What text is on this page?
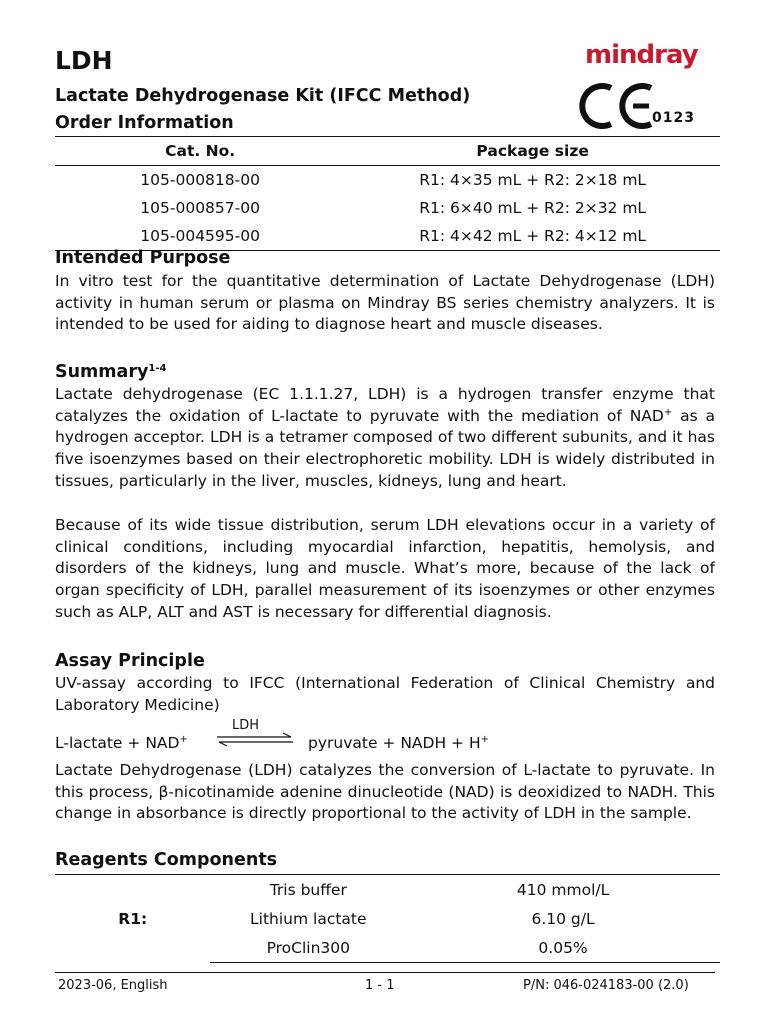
LDH
Lactate Dehydrogenase Kit (IFCC Method)
Order Information
mindray
0123
Cat. No.	Package size
105-000818-00	R1: 4×35 mL + R2: 2×18 mL
105-000857-00	R1: 6×40 mL + R2: 2×32 mL
105-004595-00	R1: 4×42 mL + R2: 4×12 mL
Intended Purpose

In vitro test for the quantitative determination of Lactate Dehydrogenase (LDH) activity in human serum or plasma on Mindray BS series chemistry analyzers. It is intended to be used for aiding to diagnose heart and muscle diseases.

Summary$^{1-4}$

Lactate dehydrogenase (EC 1.1.1.27, LDH) is a hydrogen transfer enzyme that catalyzes the oxidation of L-lactate to pyruvate with the mediation of NAD+ as a hydrogen acceptor. LDH is a tetramer composed of two different subunits, and it has five isoenzymes based on their electrophoretic mobility. LDH is widely distributed in tissues, particularly in the liver, muscles, kidneys, lung and heart.

Because of its wide tissue distribution, serum LDH elevations occur in a variety of clinical conditions, including myocardial infarction, hepatitis, hemolysis, and disorders of the kidneys, lung and muscle. What’s more, because of the lack of organ specificity of LDH, parallel measurement of its isoenzymes or other enzymes such as ALP, ALT and AST is necessary for differential diagnosis.

Assay Principle

UV-assay according to IFCC (International Federation of Clinical Chemistry and Laboratory Medicine)

L-lactate + NAD+
LDH
pyruvate + NADH + H+

Lactate Dehydrogenase (LDH) catalyzes the conversion of L-lactate to pyruvate. In this process, β-nicotinamide adenine dinucleotide (NAD) is deoxidized to NADH. This change in absorbance is directly proportional to the activity of LDH in the sample.

Reagents Components
R1:	Tris buffer	410 mmol/L
	Lithium lactate	6.10 g/L
	ProClin300	0.05%
2023-06, English	1 - 1	P/N: 046-024183-00 (2.0)
